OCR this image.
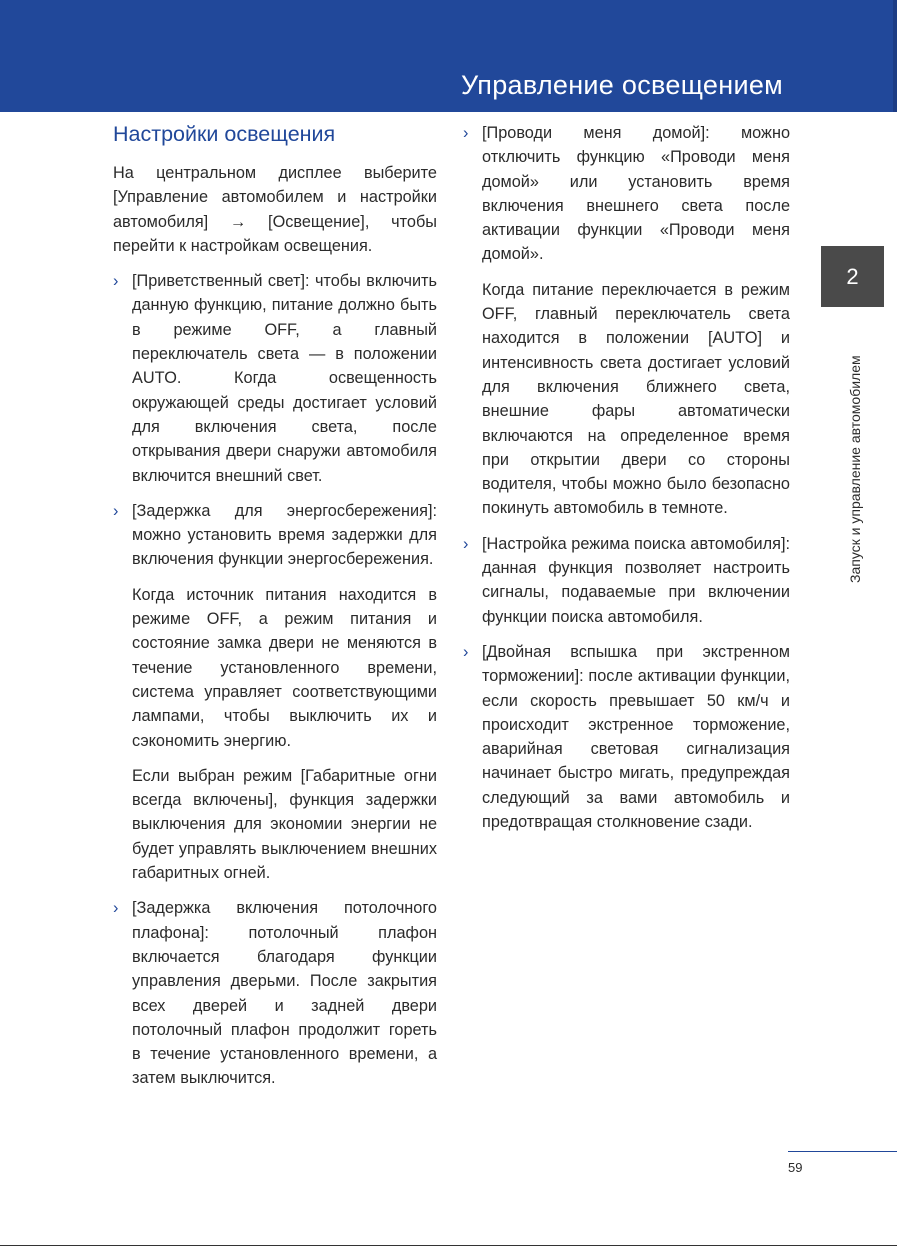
Управление освещением
Настройки освещения

На центральном дисплее выберите [Управление автомобилем и настройки автомобиля] → [Освещение], чтобы перейти к настройкам освещения.

› [Приветственный свет]: чтобы включить данную функцию, питание должно быть в режиме OFF, а главный переключатель света — в положении AUTO. Когда освещенность окружающей среды достигает условий для включения света, после открывания двери снаружи автомобиля включится внешний свет.

› [Задержка для энергосбережения]: можно установить время задержки для включения функции энергосбережения.

Когда источник питания находится в режиме OFF, а режим питания и состояние замка двери не меняются в течение установленного времени, система управляет соответствующими лампами, чтобы выключить их и сэкономить энергию.

Если выбран режим [Габаритные огни всегда включены], функция задержки выключения для экономии энергии не будет управлять выключением внешних габаритных огней.

› [Задержка включения потолочного плафона]: потолочный плафон включается благодаря функции управления дверьми. После закрытия всех дверей и задней двери потолочный плафон продолжит гореть в течение установленного времени, а затем выключится.

› [Проводи меня домой]: можно отключить функцию «Проводи меня домой» или установить время включения внешнего света после активации функции «Проводи меня домой».

Когда питание переключается в режим OFF, главный переключатель света находится в положении [AUTO] и интенсивность света достигает условий для включения ближнего света, внешние фары автоматически включаются на определенное время при открытии двери со стороны водителя, чтобы можно было безопасно покинуть автомобиль в темноте.

› [Настройка режима поиска автомобиля]: данная функция позволяет настроить сигналы, подаваемые при включении функции поиска автомобиля.

› [Двойная вспышка при экстренном торможении]: после активации функции, если скорость превышает 50 км/ч и происходит экстренное торможение, аварийная световая сигнализация начинает быстро мигать, предупреждая следующий за вами автомобиль и предотвращая столкновение сзади.

2
Запуск и управление автомобилем
59
